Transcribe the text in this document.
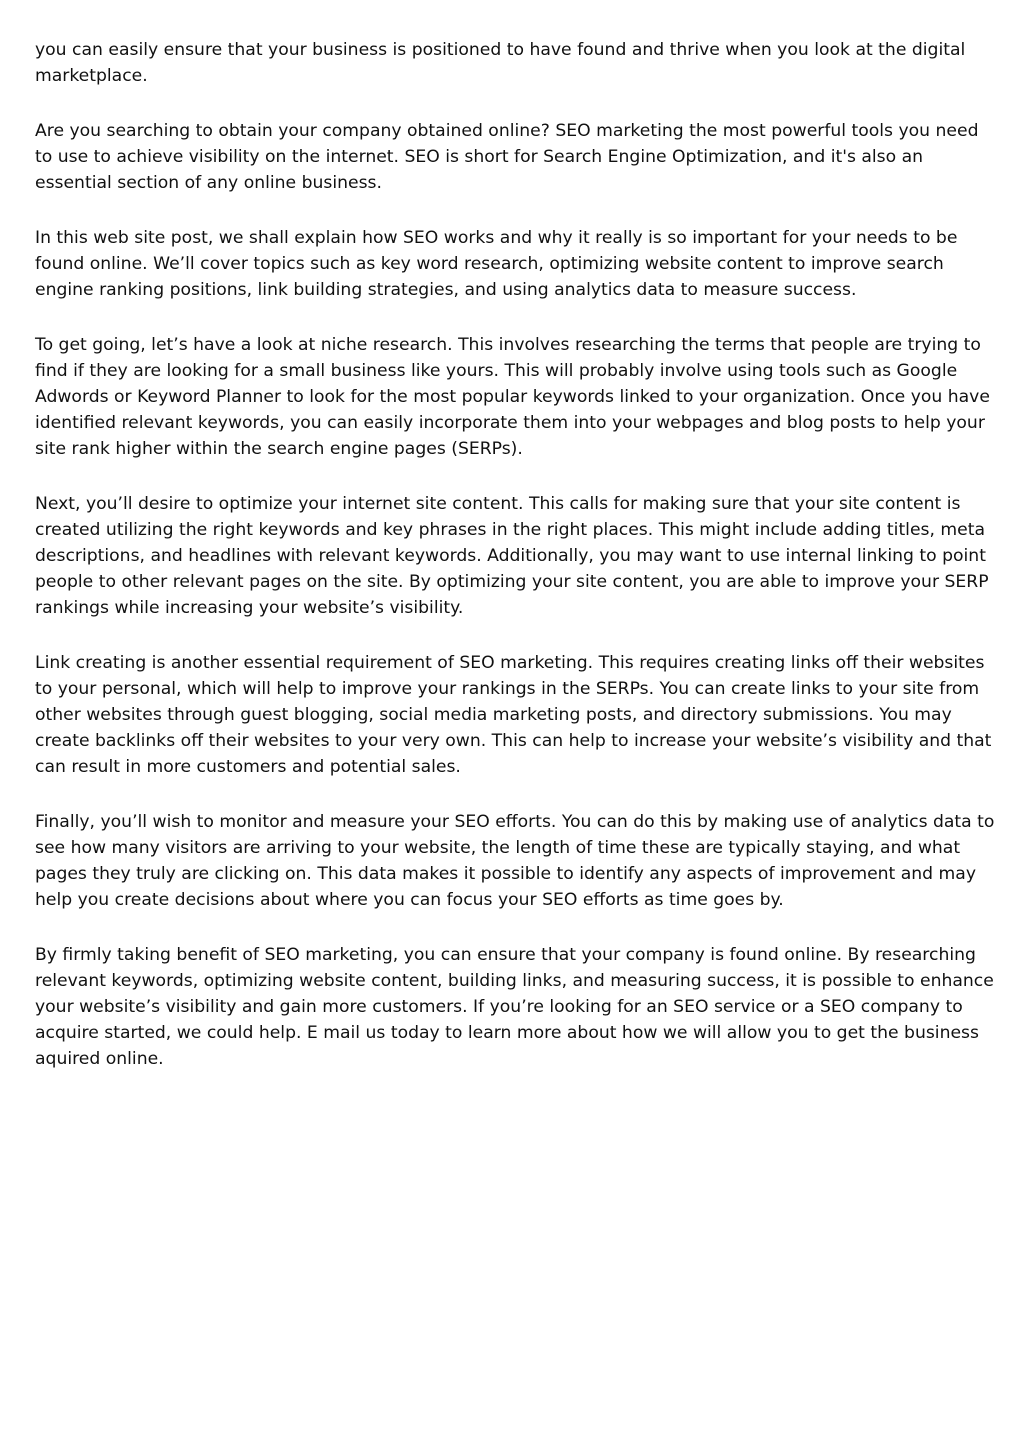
you can easily ensure that your business is positioned to have found and thrive when you look at the digital marketplace.

Are you searching to obtain your company obtained online? SEO marketing the most powerful tools you need to use to achieve visibility on the internet. SEO is short for Search Engine Optimization, and it's also an essential section of any online business.

In this web site post, we shall explain how SEO works and why it really is so important for your needs to be found online. We’ll cover topics such as key word research, optimizing website content to improve search engine ranking positions, link building strategies, and using analytics data to measure success.

To get going, let’s have a look at niche research. This involves researching the terms that people are trying to find if they are looking for a small business like yours. This will probably involve using tools such as Google Adwords or Keyword Planner to look for the most popular keywords linked to your organization. Once you have identified relevant keywords, you can easily incorporate them into your webpages and blog posts to help your site rank higher within the search engine pages (SERPs).

Next, you’ll desire to optimize your internet site content. This calls for making sure that your site content is created utilizing the right keywords and key phrases in the right places. This might include adding titles, meta descriptions, and headlines with relevant keywords. Additionally, you may want to use internal linking to point people to other relevant pages on the site. By optimizing your site content, you are able to improve your SERP rankings while increasing your website’s visibility.

Link creating is another essential requirement of SEO marketing. This requires creating links off their websites to your personal, which will help to improve your rankings in the SERPs. You can create links to your site from other websites through guest blogging, social media marketing posts, and directory submissions. You may create backlinks off their websites to your very own. This can help to increase your website’s visibility and that can result in more customers and potential sales.

Finally, you’ll wish to monitor and measure your SEO efforts. You can do this by making use of analytics data to see how many visitors are arriving to your website, the length of time these are typically staying, and what pages they truly are clicking on. This data makes it possible to identify any aspects of improvement and may help you create decisions about where you can focus your SEO efforts as time goes by.

By firmly taking benefit of SEO marketing, you can ensure that your company is found online. By researching relevant keywords, optimizing website content, building links, and measuring success, it is possible to enhance your website’s visibility and gain more customers. If you’re looking for an SEO service or a SEO company to acquire started, we could help. E mail us today to learn more about how we will allow you to get the business aquired online.
